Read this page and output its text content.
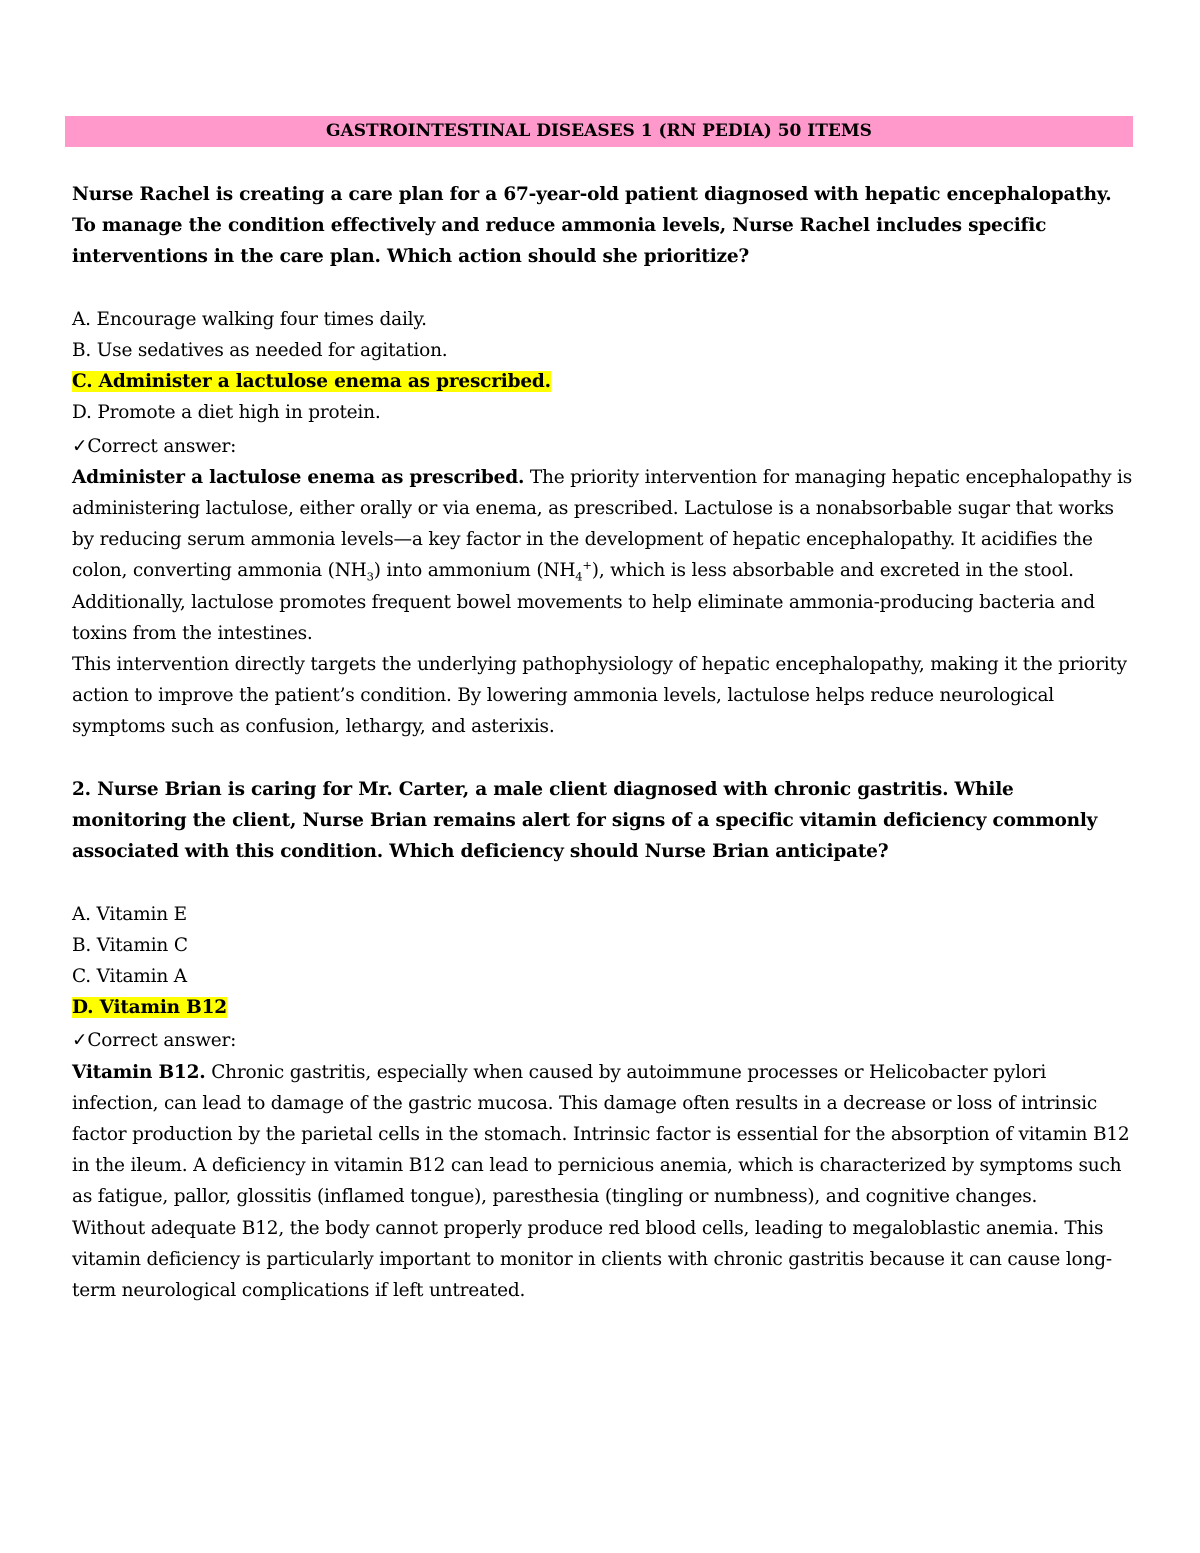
GASTROINTESTINAL DISEASES 1 (RN PEDIA) 50 ITEMS

Nurse Rachel is creating a care plan for a 67-year-old patient diagnosed with hepatic encephalopathy. To manage the condition effectively and reduce ammonia levels, Nurse Rachel includes specific interventions in the care plan. Which action should she prioritize?

A. Encourage walking four times daily.

B. Use sedatives as needed for agitation.

C. Administer a lactulose enema as prescribed.

D. Promote a diet high in protein.

✓Correct answer:

Administer a lactulose enema as prescribed. The priority intervention for managing hepatic encephalopathy is administering lactulose, either orally or via enema, as prescribed. Lactulose is a nonabsorbable sugar that works by reducing serum ammonia levels—a key factor in the development of hepatic encephalopathy. It acidifies the colon, converting ammonia $(NH_3)$ into ammonium $(NH_4^+)$, which is less absorbable and excreted in the stool. Additionally, lactulose promotes frequent bowel movements to help eliminate ammonia-producing bacteria and toxins from the intestines.

This intervention directly targets the underlying pathophysiology of hepatic encephalopathy, making it the priority action to improve the patient’s condition. By lowering ammonia levels, lactulose helps reduce neurological symptoms such as confusion, lethargy, and asterixis.

2. Nurse Brian is caring for Mr. Carter, a male client diagnosed with chronic gastritis. While monitoring the client, Nurse Brian remains alert for signs of a specific vitamin deficiency commonly associated with this condition. Which deficiency should Nurse Brian anticipate?

A. Vitamin E

B. Vitamin C

C. Vitamin A

D. Vitamin B12

✓Correct answer:

Vitamin B12. Chronic gastritis, especially when caused by autoimmune processes or Helicobacter pylori infection, can lead to damage of the gastric mucosa. This damage often results in a decrease or loss of intrinsic factor production by the parietal cells in the stomach. Intrinsic factor is essential for the absorption of vitamin B12 in the ileum. A deficiency in vitamin B12 can lead to pernicious anemia, which is characterized by symptoms such as fatigue, pallor, glossitis (inflamed tongue), paresthesia (tingling or numbness), and cognitive changes.

Without adequate B12, the body cannot properly produce red blood cells, leading to megaloblastic anemia. This vitamin deficiency is particularly important to monitor in clients with chronic gastritis because it can cause long-term neurological complications if left untreated.
